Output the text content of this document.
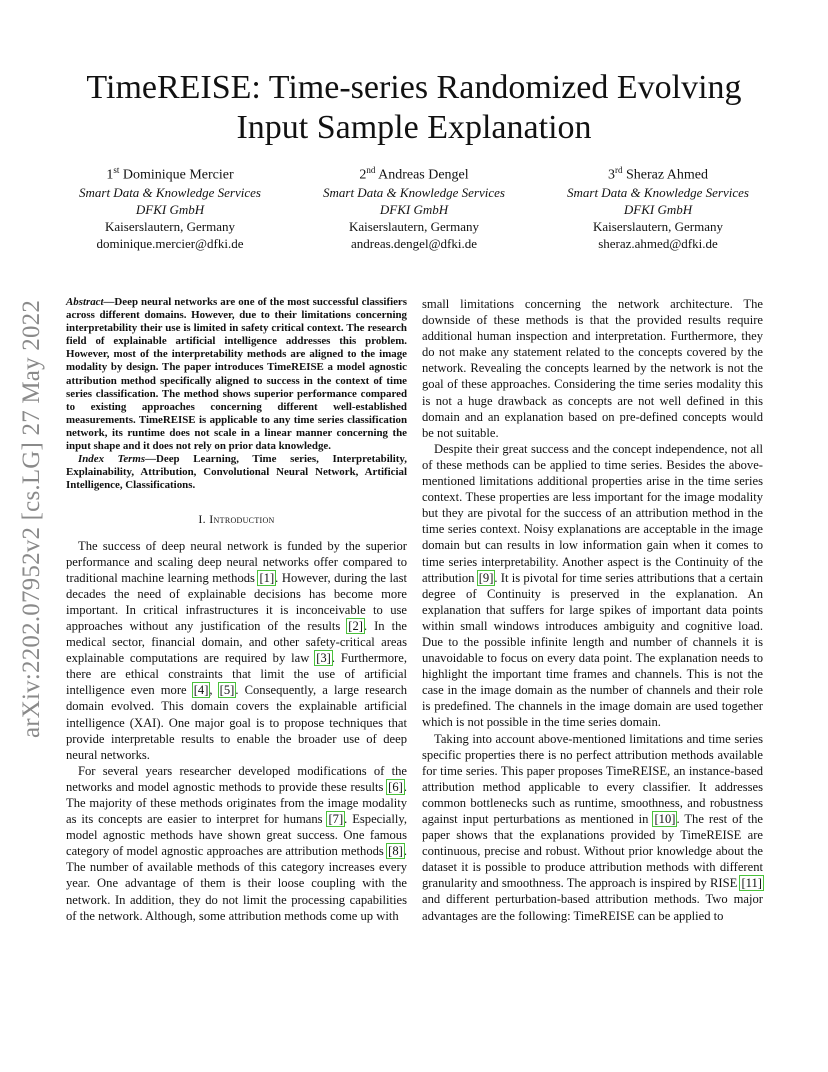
arXiv:2202.07952v2 [cs.LG] 27 May 2022
TimeREISE: Time-series Randomized Evolving
Input Sample Explanation
1st Dominique Mercier
Smart Data & Knowledge Services
DFKI GmbH
Kaiserslautern, Germany
dominique.mercier@dfki.de
2nd Andreas Dengel
Smart Data & Knowledge Services
DFKI GmbH
Kaiserslautern, Germany
andreas.dengel@dfki.de
3rd Sheraz Ahmed
Smart Data & Knowledge Services
DFKI GmbH
Kaiserslautern, Germany
sheraz.ahmed@dfki.de

Abstract—Deep neural networks are one of the most successful classifiers across different domains. However, due to their limitations concerning interpretability their use is limited in safety critical context. The research field of explainable artificial intelligence addresses this problem. However, most of the interpretability methods are aligned to the image modality by design. The paper introduces TimeREISE a model agnostic attribution method specifically aligned to success in the context of time series classification. The method shows superior performance compared to existing approaches concerning different well-established measurements. TimeREISE is applicable to any time series classification network, its runtime does not scale in a linear manner concerning the input shape and it does not rely on prior data knowledge.

Index Terms—Deep Learning, Time series, Interpretability, Explainability, Attribution, Convolutional Neural Network, Artificial Intelligence, Classifications.

I. Introduction

The success of deep neural network is funded by the superior performance and scaling deep neural networks offer compared to traditional machine learning methods [1]. However, during the last decades the need of explainable decisions has become more important. In critical infrastructures it is inconceivable to use approaches without any justification of the results [2]. In the medical sector, financial domain, and other safety-critical areas explainable computations are required by law [3]. Furthermore, there are ethical constraints that limit the use of artificial intelligence even more [4], [5]. Consequently, a large research domain evolved. This domain covers the explainable artificial intelligence (XAI). One major goal is to propose techniques that provide interpretable results to enable the broader use of deep neural networks.

For several years researcher developed modifications of the networks and model agnostic methods to provide these results [6]. The majority of these methods originates from the image modality as its concepts are easier to interpret for humans [7]. Especially, model agnostic methods have shown great success. One famous category of model agnostic approaches are attribution methods [8]. The number of available methods of this category increases every year. One advantage of them is their loose coupling with the network. In addition, they do not limit the processing capabilities of the network. Although, some attribution methods come up with

small limitations concerning the network architecture. The downside of these methods is that the provided results require additional human inspection and interpretation. Furthermore, they do not make any statement related to the concepts covered by the network. Revealing the concepts learned by the network is not the goal of these approaches. Considering the time series modality this is not a huge drawback as concepts are not well defined in this domain and an explanation based on pre-defined concepts would be not suitable.

Despite their great success and the concept independence, not all of these methods can be applied to time series. Besides the above-mentioned limitations additional properties arise in the time series context. These properties are less important for the image modality but they are pivotal for the success of an attribution method in the time series context. Noisy explanations are acceptable in the image domain but can results in low information gain when it comes to time series interpretability. Another aspect is the Continuity of the attribution [9]. It is pivotal for time series attributions that a certain degree of Continuity is preserved in the explanation. An explanation that suffers for large spikes of important data points within small windows introduces ambiguity and cognitive load. Due to the possible infinite length and number of channels it is unavoidable to focus on every data point. The explanation needs to highlight the important time frames and channels. This is not the case in the image domain as the number of channels and their role is predefined. The channels in the image domain are used together which is not possible in the time series domain.

Taking into account above-mentioned limitations and time series specific properties there is no perfect attribution methods available for time series. This paper proposes TimeREISE, an instance-based attribution method applicable to every classifier. It addresses common bottlenecks such as runtime, smoothness, and robustness against input perturbations as mentioned in [10]. The rest of the paper shows that the explanations provided by TimeREISE are continuous, precise and robust. Without prior knowledge about the dataset it is possible to produce attribution methods with different granularity and smoothness. The approach is inspired by RISE [11] and different perturbation-based attribution methods. Two major advantages are the following: TimeREISE can be applied to
